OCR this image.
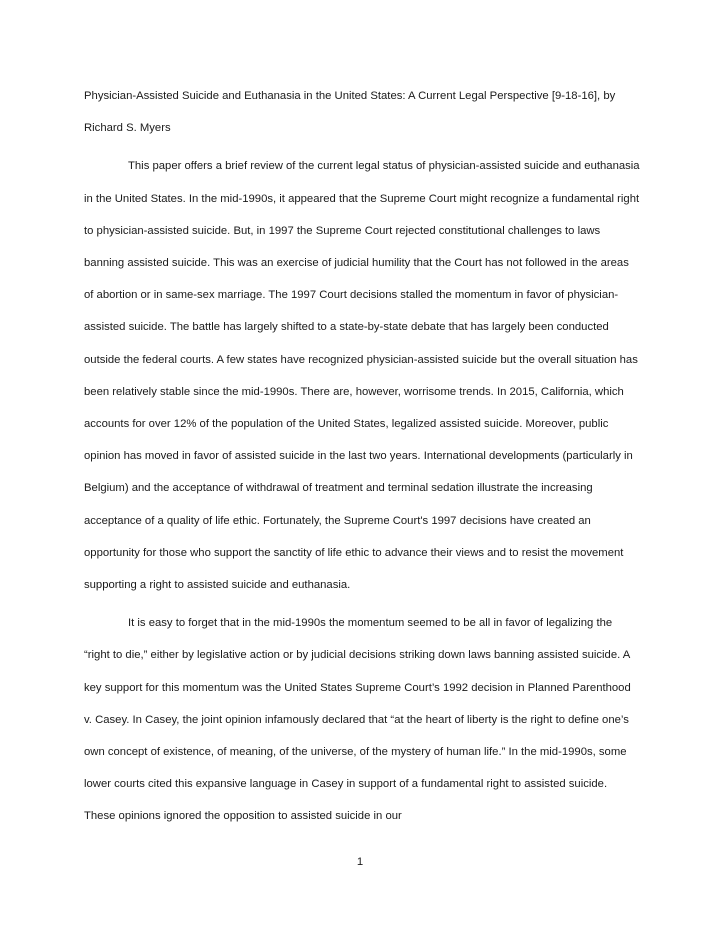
Physician-Assisted Suicide and Euthanasia in the United States: A Current Legal Perspective [9-18-16], by Richard S. Myers

This paper offers a brief review of the current legal status of physician-assisted suicide and euthanasia in the United States. In the mid-1990s, it appeared that the Supreme Court might recognize a fundamental right to physician-assisted suicide. But, in 1997 the Supreme Court rejected constitutional challenges to laws banning assisted suicide. This was an exercise of judicial humility that the Court has not followed in the areas of abortion or in same-sex marriage. The 1997 Court decisions stalled the momentum in favor of physician-assisted suicide. The battle has largely shifted to a state-by-state debate that has largely been conducted outside the federal courts. A few states have recognized physician-assisted suicide but the overall situation has been relatively stable since the mid-1990s. There are, however, worrisome trends. In 2015, California, which accounts for over 12% of the population of the United States, legalized assisted suicide. Moreover, public opinion has moved in favor of assisted suicide in the last two years. International developments (particularly in Belgium) and the acceptance of withdrawal of treatment and terminal sedation illustrate the increasing acceptance of a quality of life ethic. Fortunately, the Supreme Court's 1997 decisions have created an opportunity for those who support the sanctity of life ethic to advance their views and to resist the movement supporting a right to assisted suicide and euthanasia.

It is easy to forget that in the mid-1990s the momentum seemed to be all in favor of legalizing the “right to die,” either by legislative action or by judicial decisions striking down laws banning assisted suicide. A key support for this momentum was the United States Supreme Court’s 1992 decision in Planned Parenthood v. Casey. In Casey, the joint opinion infamously declared that “at the heart of liberty is the right to define one’s own concept of existence, of meaning, of the universe, of the mystery of human life.” In the mid-1990s, some lower courts cited this expansive language in Casey in support of a fundamental right to assisted suicide. These opinions ignored the opposition to assisted suicide in our

1
